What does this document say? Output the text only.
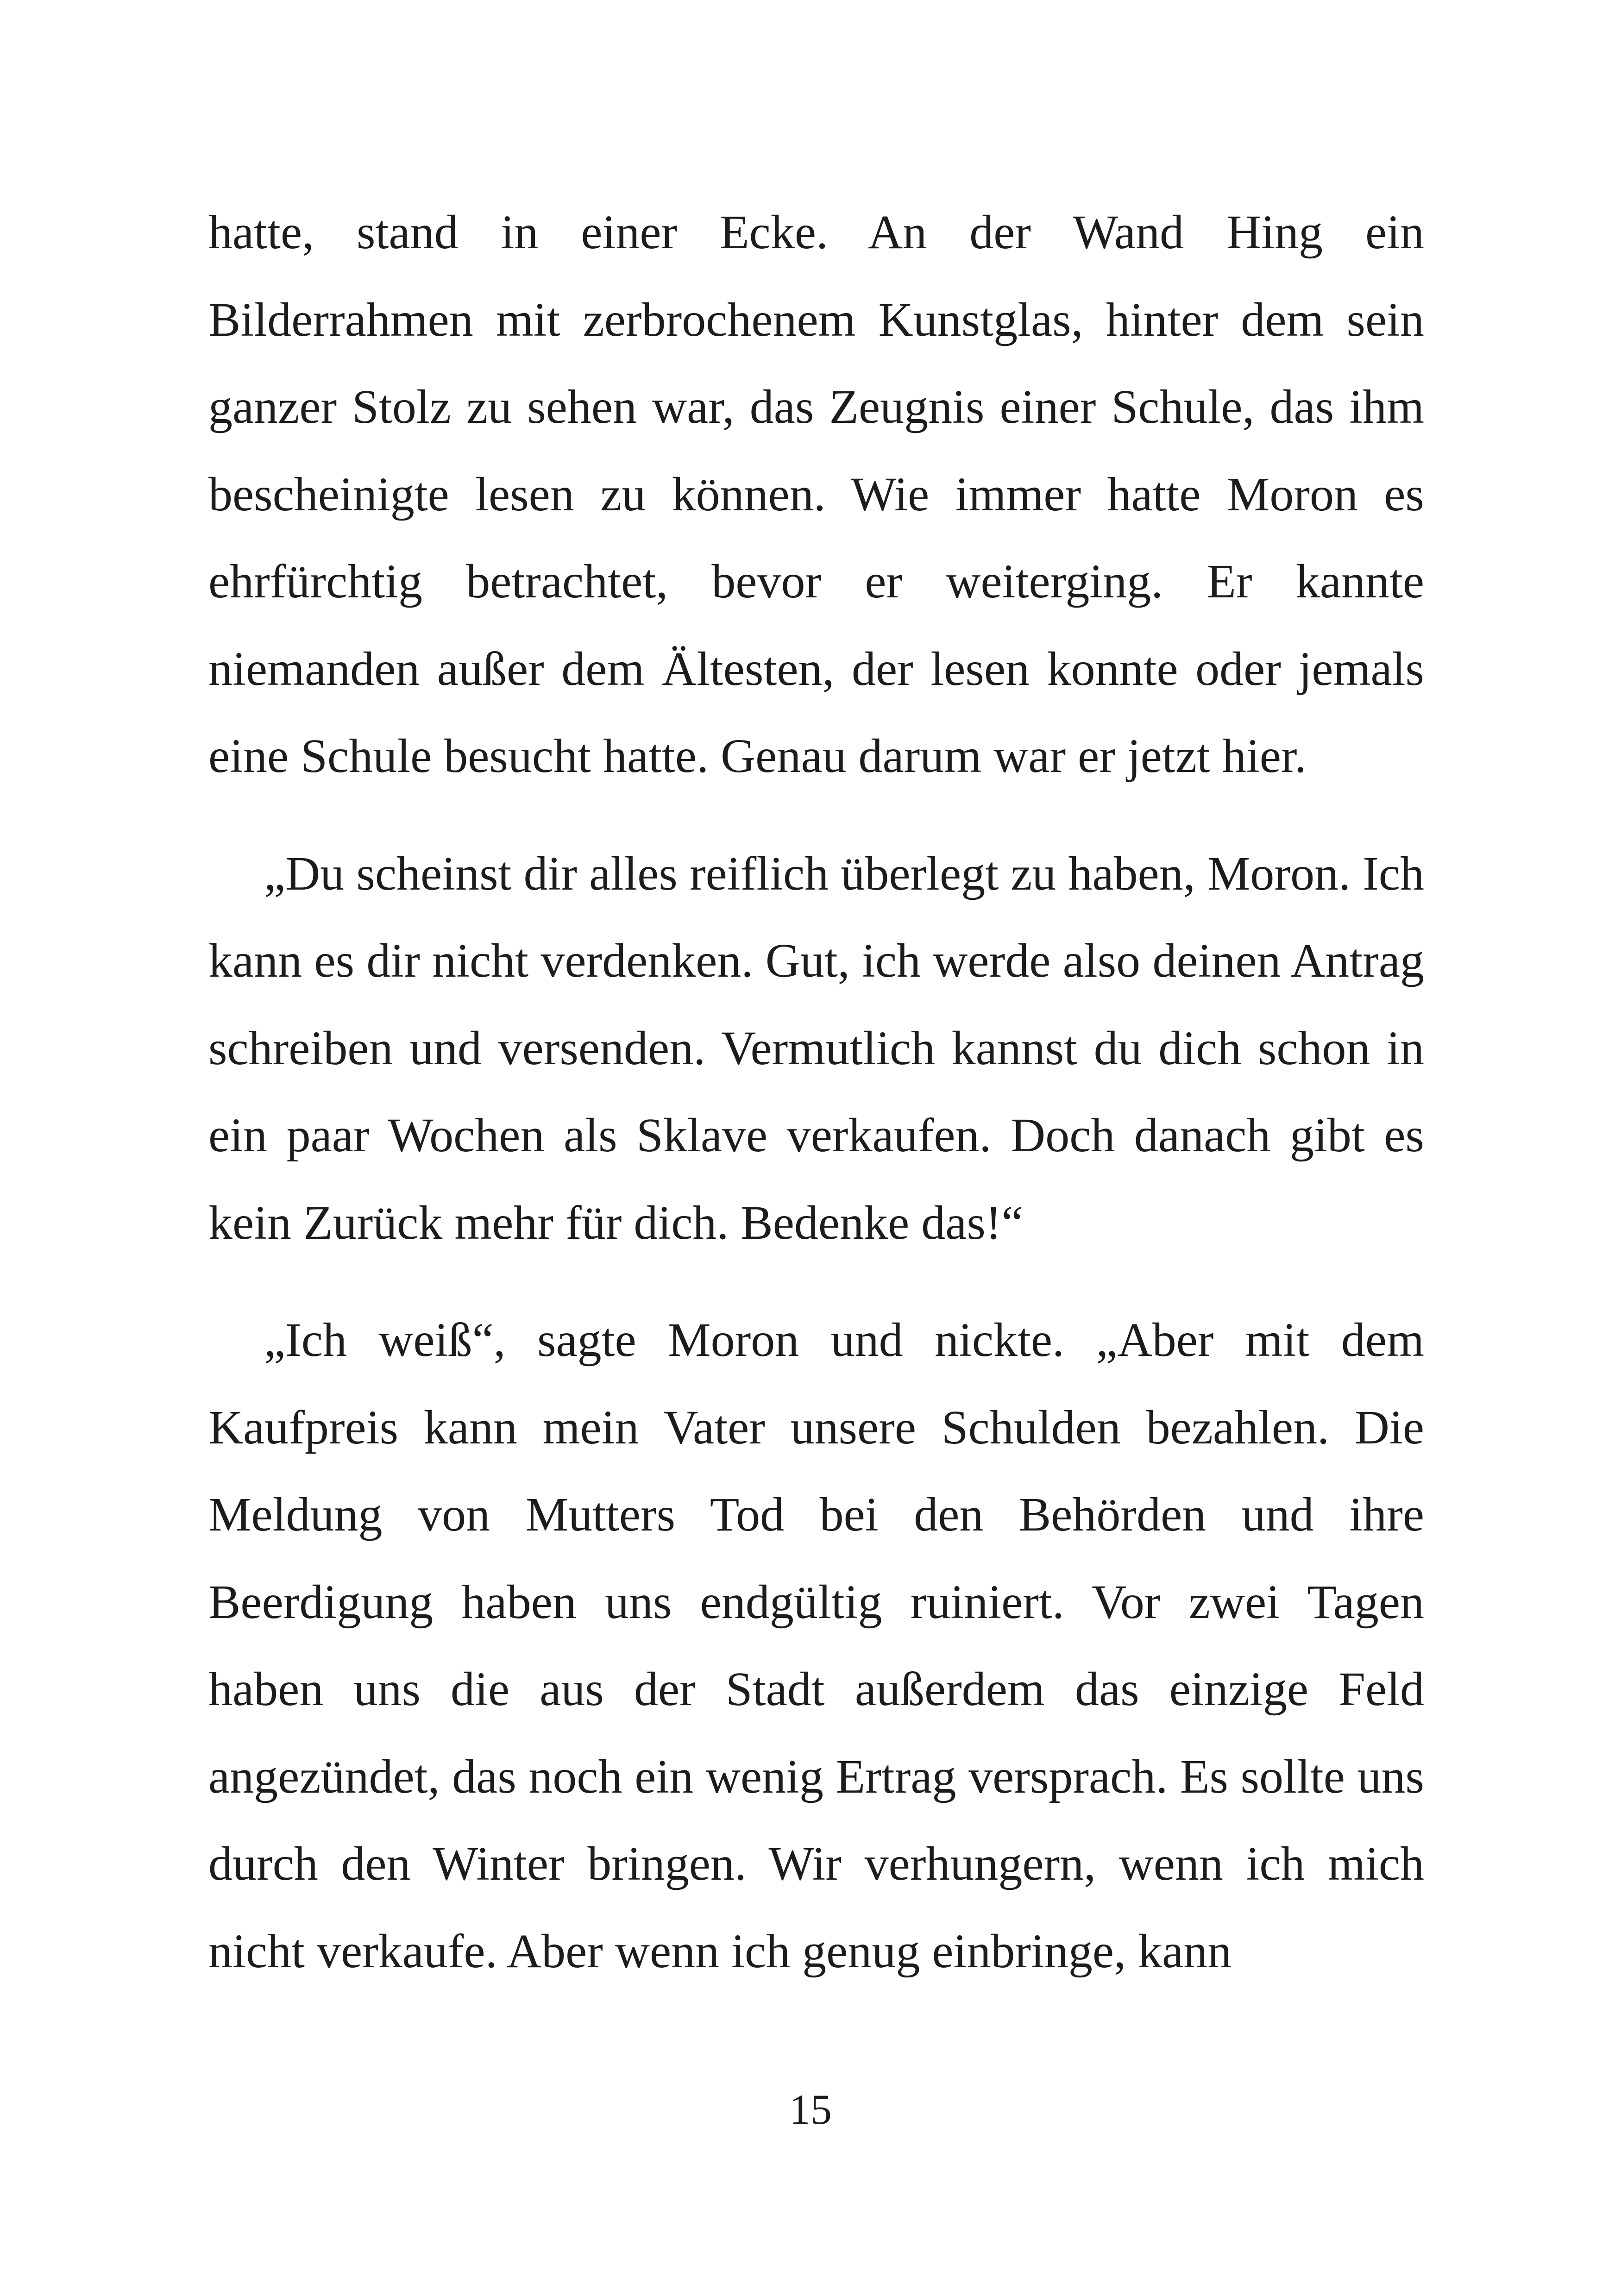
hatte, stand in einer Ecke. An der Wand Hing ein Bilderrahmen mit zerbrochenem Kunstglas, hinter dem sein ganzer Stolz zu sehen war, das Zeugnis einer Schule, das ihm bescheinigte lesen zu können. Wie immer hatte Moron es ehrfürchtig betrachtet, bevor er weiterging. Er kannte niemanden außer dem Ältesten, der lesen konnte oder jemals eine Schule besucht hatte. Genau darum war er jetzt hier.

„Du scheinst dir alles reiflich überlegt zu haben, Moron. Ich kann es dir nicht verdenken. Gut, ich werde also deinen Antrag schreiben und versenden. Vermutlich kannst du dich schon in ein paar Wochen als Sklave verkaufen. Doch danach gibt es kein Zurück mehr für dich. Bedenke das!“

„Ich weiß“, sagte Moron und nickte. „Aber mit dem Kaufpreis kann mein Vater unsere Schulden bezahlen. Die Meldung von Mutters Tod bei den Behörden und ihre Beerdigung haben uns endgültig ruiniert. Vor zwei Tagen haben uns die aus der Stadt außerdem das einzige Feld angezündet, das noch ein wenig Ertrag versprach. Es sollte uns durch den Winter bringen. Wir verhungern, wenn ich mich nicht verkaufe. Aber wenn ich genug einbringe, kann

15
